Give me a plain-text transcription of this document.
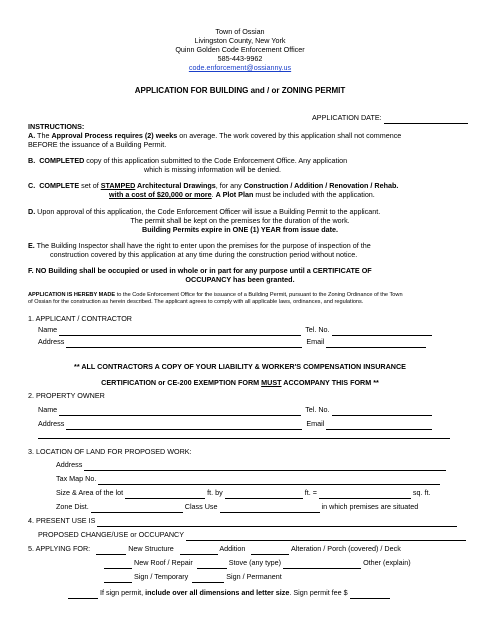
Town of Ossian
Livingston County, New York
Quinn Golden Code Enforcement Officer
585-443-9962
code.enforcement@ossianny.us
APPLICATION FOR BUILDING and / or ZONING PERMIT
APPLICATION DATE:
INSTRUCTIONS:
A. The Approval Process requires (2) weeks on average. The work covered by this application shall not commence
BEFORE the issuance of a Building Permit.
B. COMPLETED copy of this application submitted to the Code Enforcement Office. Any application
which is missing information will be denied.
C. COMPLETE set of STAMPED Architectural Drawings, for any Construction / Addition / Renovation / Rehab.
with a cost of $20,000 or more. A Plot Plan must be included with the application.
D. Upon approval of this application, the Code Enforcement Officer will issue a Building Permit to the applicant.
The permit shall be kept on the premises for the duration of the work.
Building Permits expire in ONE (1) YEAR from issue date.
E. The Building Inspector shall have the right to enter upon the premises for the purpose of inspection of the
construction covered by this application at any time during the construction period without notice.
F. NO Building shall be occupied or used in whole or in part for any purpose until a CERTIFICATE OF
OCCUPANCY has been granted.
APPLICATION IS HEREBY MADE to the Code Enforcement Office for the issuance of a Building Permit, pursuant to the Zoning Ordinance of the Town
of Ossian for the construction as herein described. The applicant agrees to comply with all applicable laws, ordinances, and regulations.
1. APPLICANT / CONTRACTOR
Name	Tel. No.
Address	Email
** ALL CONTRACTORS A COPY OF YOUR LIABILITY & WORKER'S COMPENSATION INSURANCE
CERTIFICATION or CE-200 EXEMPTION FORM MUST ACCOMPANY THIS FORM **
2. PROPERTY OWNER
Name	Tel. No.
Address	Email
3. LOCATION OF LAND FOR PROPOSED WORK:
Address
Tax Map No.
Size & Area of the lot	ft. by	ft. =	sq. ft.
Zone Dist.	Class Use	in which premises are situated
4. PRESENT USE IS
PROPOSED CHANGE/USE or OCCUPANCY
5. APPLYING FOR:	New Structure	Addition	Alteration / Porch (covered) / Deck
New Roof / Repair	Stove (any type)	Other (explain)
Sign / Temporary	Sign / Permanent
If sign permit, include over all dimensions and letter size. Sign permit fee $
